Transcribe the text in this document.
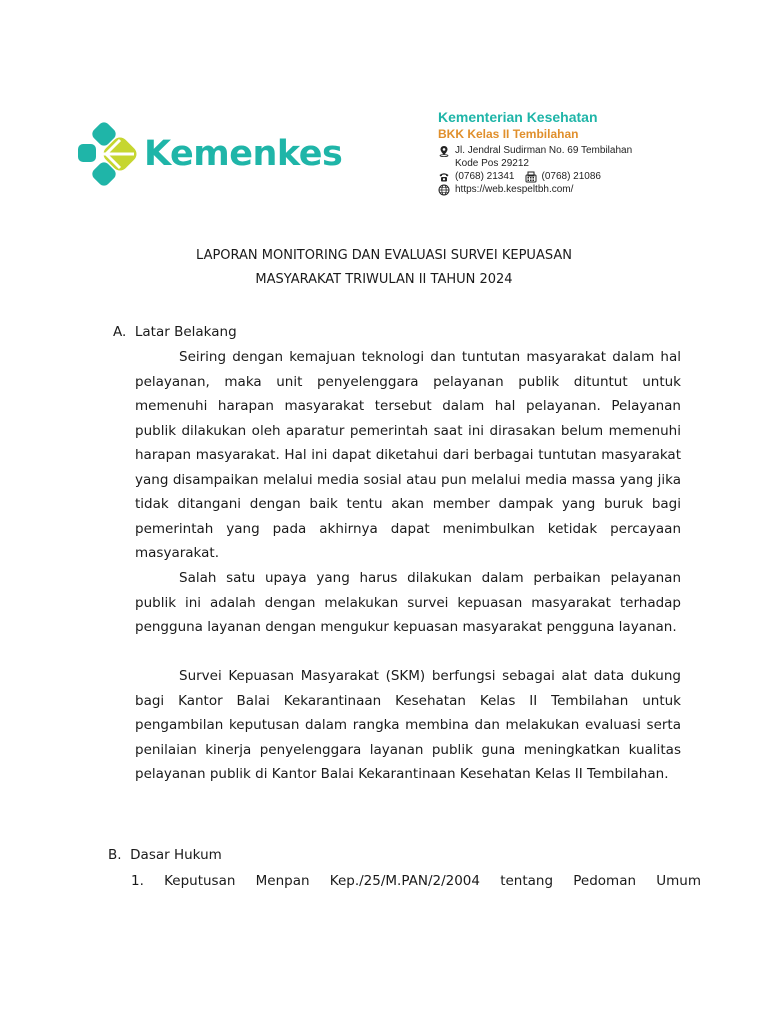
Kemenkes
Kementerian Kesehatan
BKK Kelas II Tembilahan
Jl. Jendral Sudirman No. 69 Tembilahan
Kode Pos 29212
(0768) 21341	(0768) 21086
https://web.kespeltbh.com/
LAPORAN MONITORING DAN EVALUASI SURVEI KEPUASAN
MASYARAKAT TRIWULAN II TAHUN 2024
A. Latar Belakang
Seiring dengan kemajuan teknologi dan tuntutan masyarakat dalam hal pelayanan, maka unit penyelenggara pelayanan publik dituntut untuk memenuhi harapan masyarakat tersebut dalam hal pelayanan. Pelayanan publik dilakukan oleh aparatur pemerintah saat ini dirasakan belum memenuhi harapan masyarakat. Hal ini dapat diketahui dari berbagai tuntutan masyarakat yang disampaikan melalui media sosial atau pun melalui media massa yang jika tidak ditangani dengan baik tentu akan member dampak yang buruk bagi pemerintah yang pada akhirnya dapat menimbulkan ketidak percayaan masyarakat.
Salah satu upaya yang harus dilakukan dalam perbaikan pelayanan publik ini adalah dengan melakukan survei kepuasan masyarakat terhadap pengguna layanan dengan mengukur kepuasan masyarakat pengguna layanan.
Survei Kepuasan Masyarakat (SKM) berfungsi sebagai alat data dukung bagi Kantor Balai Kekarantinaan Kesehatan Kelas II Tembilahan untuk pengambilan keputusan dalam rangka membina dan melakukan evaluasi serta penilaian kinerja penyelenggara layanan publik guna meningkatkan kualitas pelayanan publik di Kantor Balai Kekarantinaan Kesehatan Kelas II Tembilahan.
B. Dasar Hukum
1. Keputusan Menpan Kep./25/M.PAN/2/2004 tentang Pedoman Umum
